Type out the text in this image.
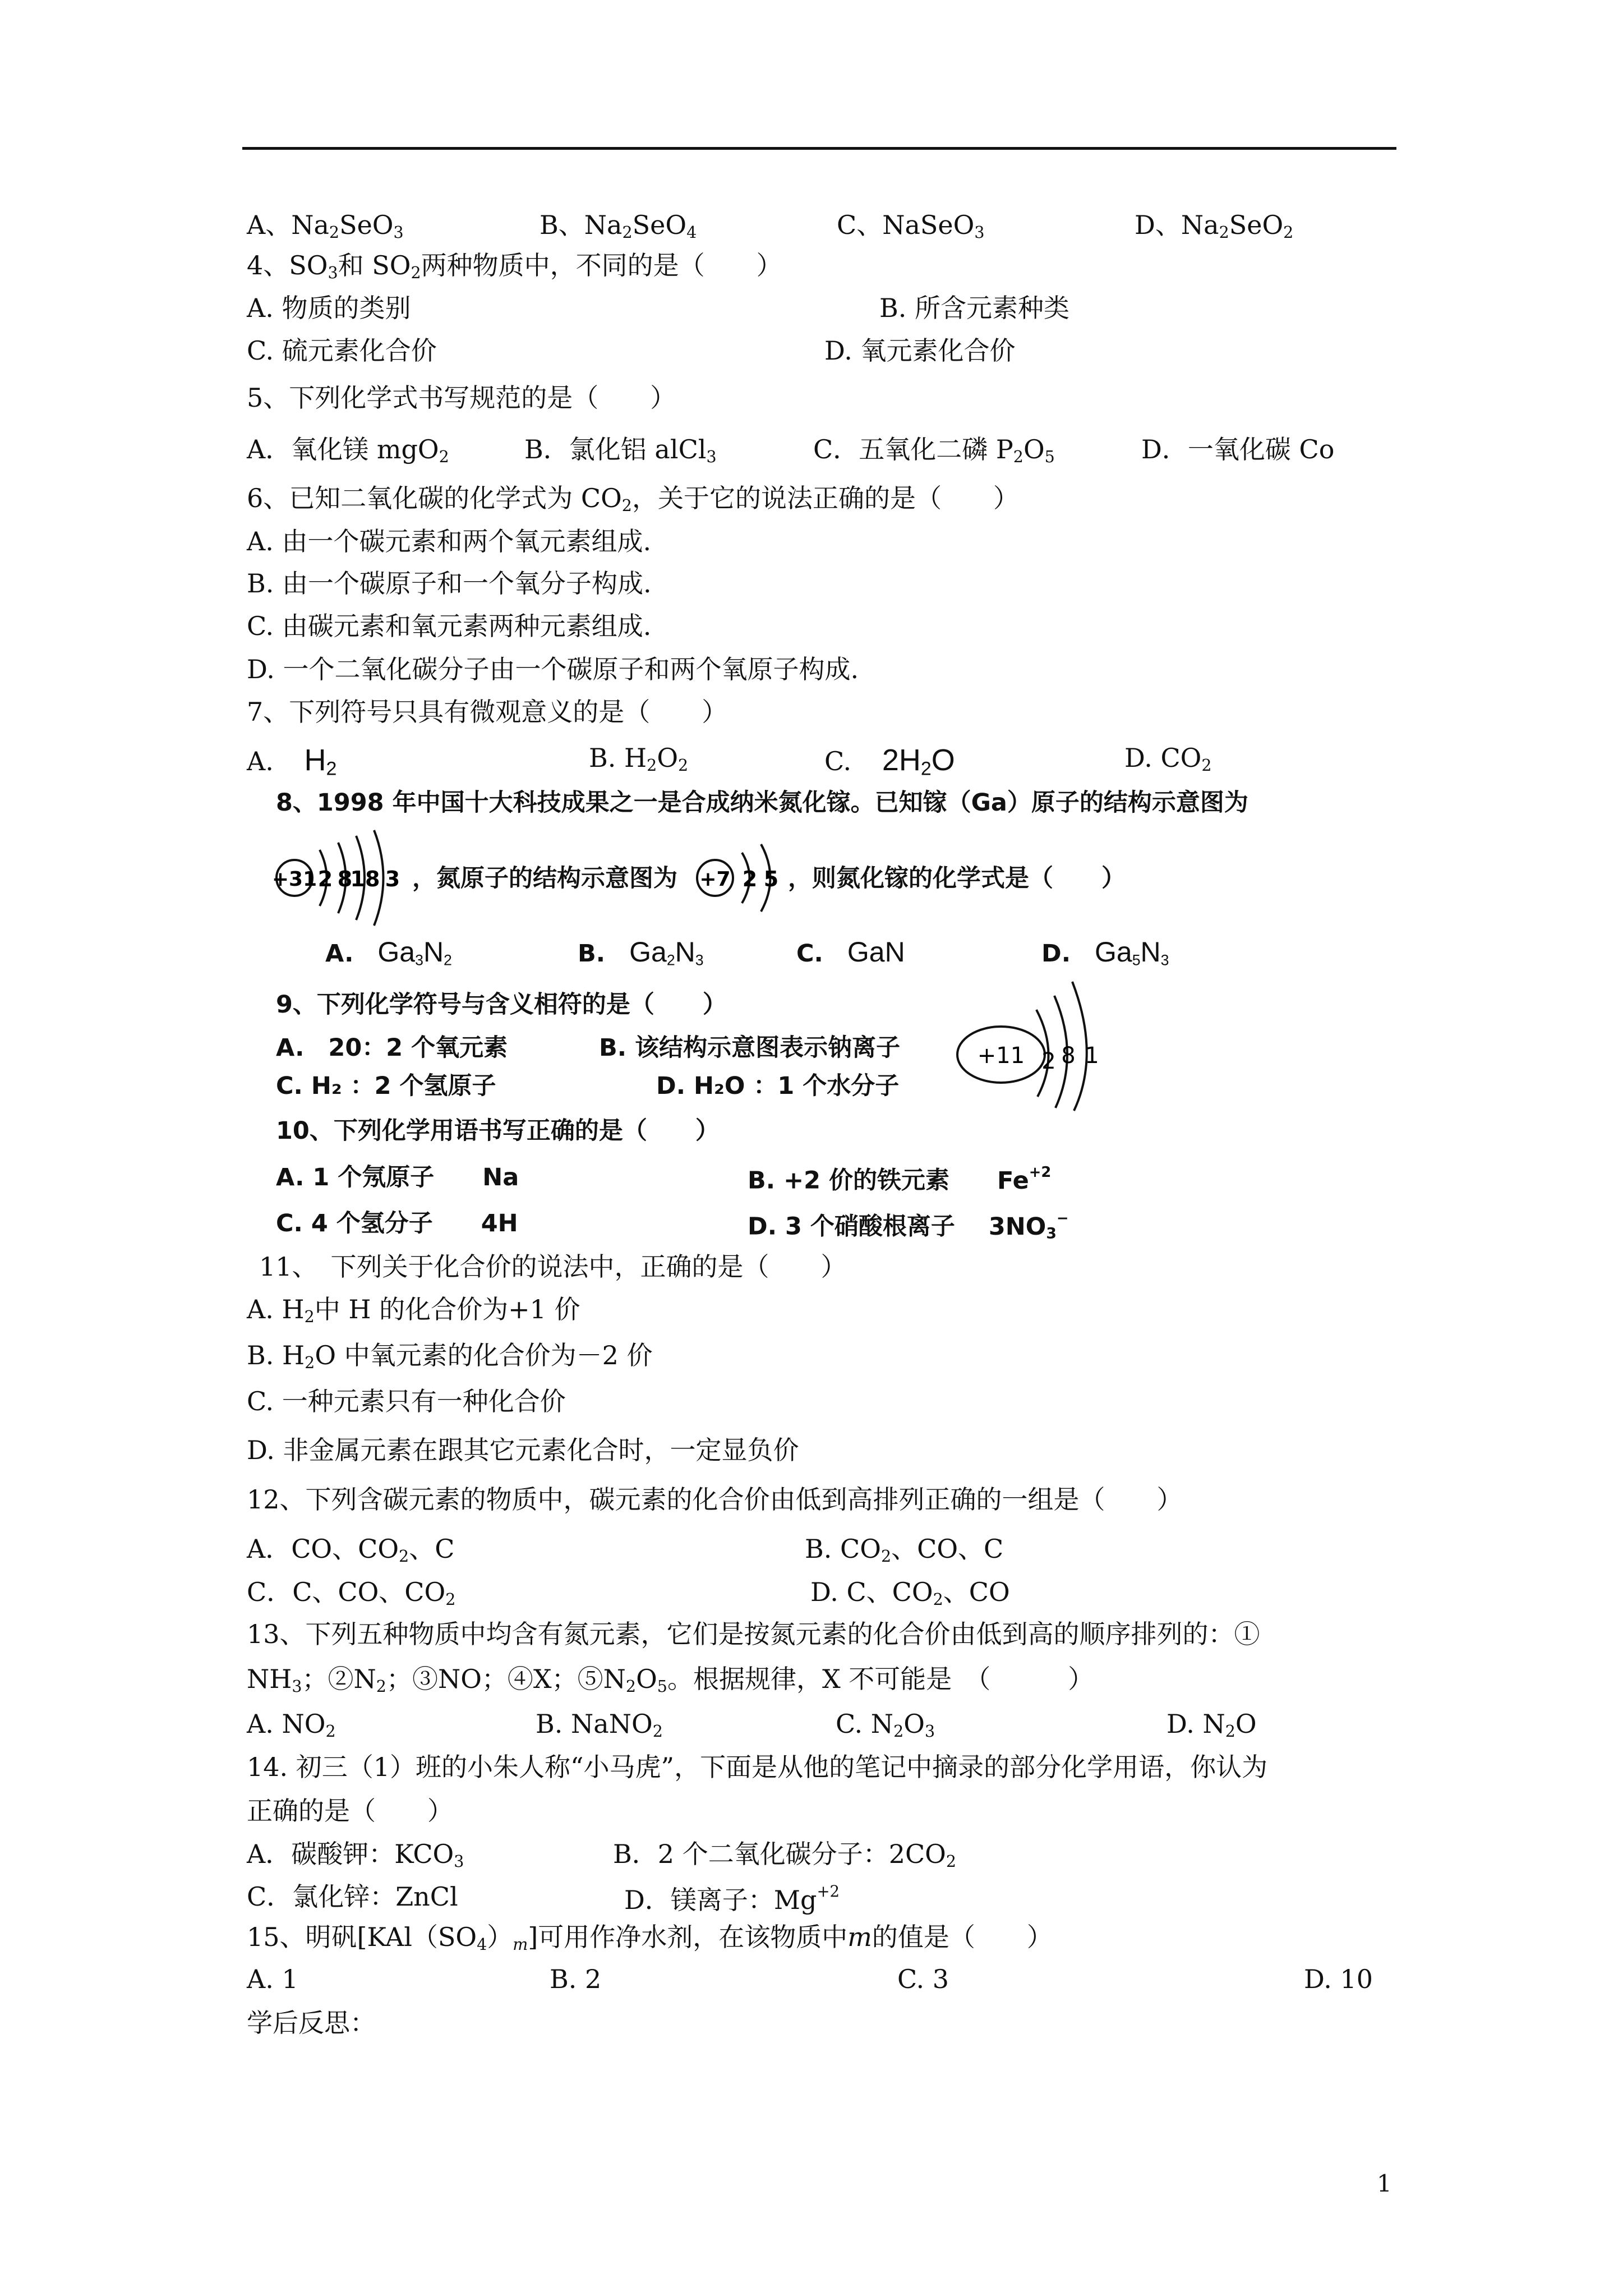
A、$Na_2SeO_3$	B、$Na_2SeO_4$	C、NaSeO$_3$	D、$Na_2SeO_2$
4、$SO_3$和 $SO_2$两种物质中，不同的是（　　）
A. 物质的类别	B. 所含元素种类
C. 硫元素化合价	D. 氧元素化合价
5、下列化学式书写规范的是（　　）
A．氧化镁 mgO$_2$	B．氯化铝 alCl$_3$	C．五氧化二磷 $P_2O_5$	D．一氧化碳 Co
6、已知二氧化碳的化学式为 $CO_2$，关于它的说法正确的是（　　）
A. 由一个碳元素和两个氧元素组成.
B. 由一个碳原子和一个氧分子构成.
C. 由碳元素和氧元素两种元素组成.
D. 一个二氧化碳分子由一个碳原子和两个氧原子构成.
7、下列符号只具有微观意义的是（　　）
A. $H_2$	B. $H_2O_2$	C. $2H_2O$	D. $CO_2$
8、1998 年中国十大科技成果之一是合成纳米氮化镓。已知镓（Ga）原子的结构示意图为
+31 2 8
18 3 ，氮原子的结构示意图为 +7 2 5 ，则氮化镓的化学式是（　　）
A. $Ga_3N_2$	B. $Ga_2N_3$	C. GaN	D. $Ga_5N_3$
9、下列化学符号与含义相符的是（　　）
A.　20：2 个氧元素	B. 该结构示意图表示钠离子	+11 2 8 1
C. H₂ ：2 个氢原子	D. H₂O ：1 个水分子
10、下列化学用语书写正确的是（　　）
A. 1 个氖原子　　Na	B. +2 价的铁元素 $Fe^{+2}$
C. 4 个氢分子　　4H	D. 3 个硝酸根离子 $3NO_3^-$
11、　下列关于化合价的说法中，正确的是（　　）
A. $H_2$中 H 的化合价为+1 价
B. $H_2O$ 中氧元素的化合价为－2 价
C. 一种元素只有一种化合价
D. 非金属元素在跟其它元素化合时，一定显负价
12、下列含碳元素的物质中，碳元素的化合价由低到高排列正确的一组是（　　）
A．CO、$CO_2$、C	B. $CO_2$、CO、C
C．C、CO、$CO_2$	D. C、$CO_2$、CO
13、下列五种物质中均含有氮元素，它们是按氮元素的化合价由低到高的顺序排列的：①
$NH_3$；$②N_2$；③NO；④X；$⑤N_2O_5$。根据规律，X 不可能是　（　　　）
A. $NO_2$	B. NaNO$_2$	C. $N_2O_3$	D. $N_2O$
14. 初三（1）班的小朱人称“小马虎”，下面是从他的笔记中摘录的部分化学用语，你认为
正确的是（　　）
A．碳酸钾：$KCO_3$	B．2 个二氧化碳分子：$2CO_2$
C．氯化锌：ZnCl	D．镁离子：$Mg^{+2}$
15、明矾$[KAl(SO_4)_m]$可用作净水剂，在该物质中m的值是（　　）
A. 1	B. 2	C. 3	D. 10
学后反思：
1
